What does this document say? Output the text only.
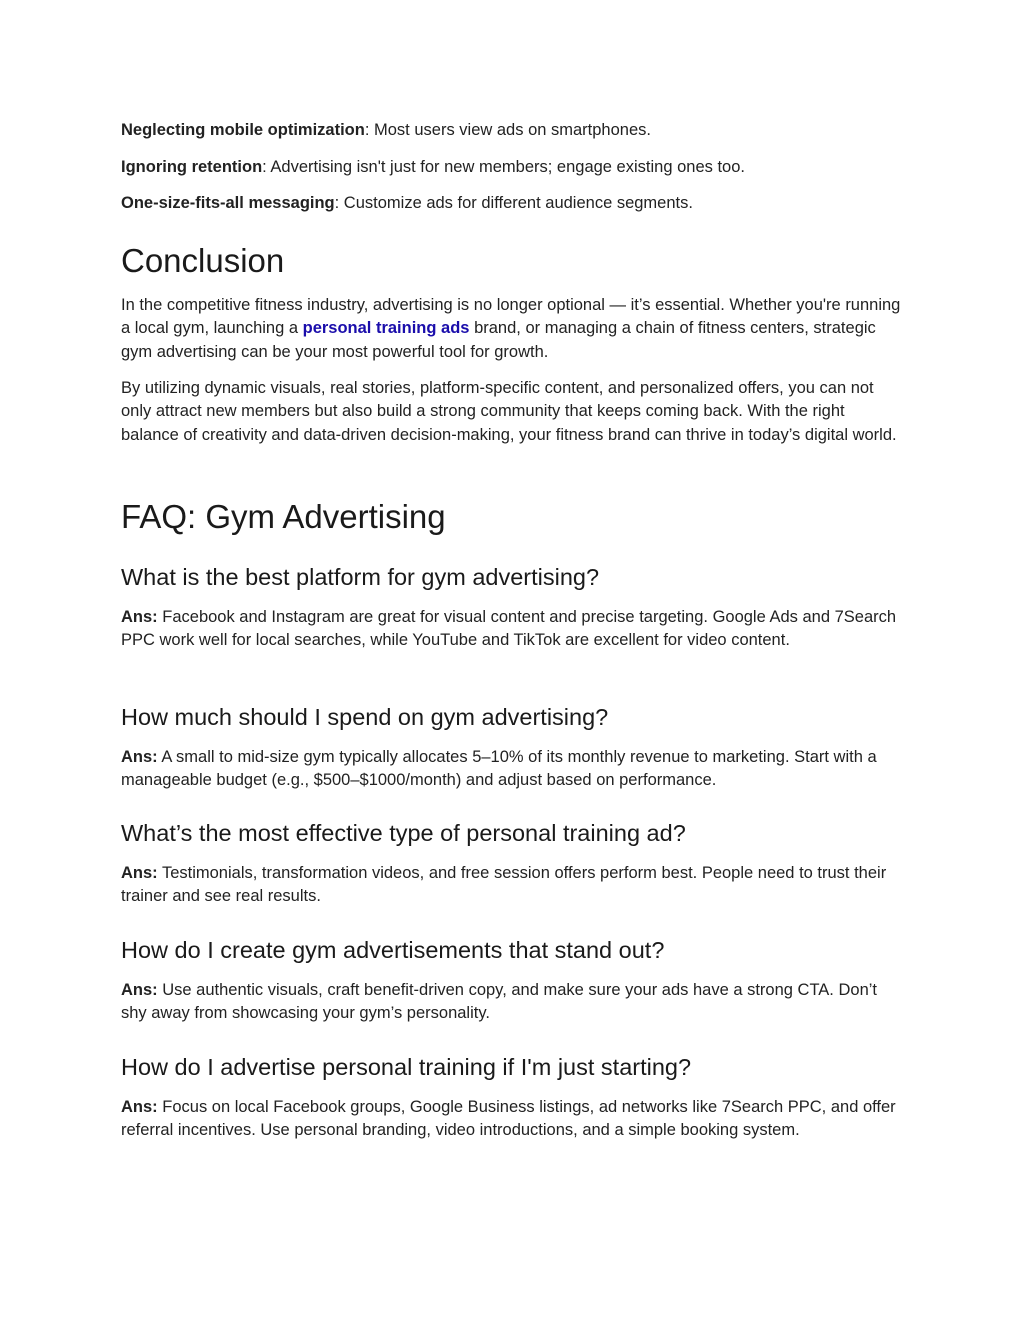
Neglecting mobile optimization: Most users view ads on smartphones.

Ignoring retention: Advertising isn't just for new members; engage existing ones too.

One-size-fits-all messaging: Customize ads for different audience segments.

Conclusion

In the competitive fitness industry, advertising is no longer optional — it’s essential. Whether you're running a local gym, launching a personal training ads brand, or managing a chain of fitness centers, strategic gym advertising can be your most powerful tool for growth.

By utilizing dynamic visuals, real stories, platform-specific content, and personalized offers, you can not only attract new members but also build a strong community that keeps coming back. With the right balance of creativity and data-driven decision-making, your fitness brand can thrive in today’s digital world.

FAQ: Gym Advertising
What is the best platform for gym advertising?

Ans: Facebook and Instagram are great for visual content and precise targeting. Google Ads and 7Search PPC work well for local searches, while YouTube and TikTok are excellent for video content.

How much should I spend on gym advertising?

Ans: A small to mid-size gym typically allocates 5–10% of its monthly revenue to marketing. Start with a manageable budget (e.g., $500–$1000/month) and adjust based on performance.

What’s the most effective type of personal training ad?

Ans: Testimonials, transformation videos, and free session offers perform best. People need to trust their trainer and see real results.

How do I create gym advertisements that stand out?

Ans: Use authentic visuals, craft benefit-driven copy, and make sure your ads have a strong CTA. Don’t shy away from showcasing your gym’s personality.

How do I advertise personal training if I'm just starting?

Ans: Focus on local Facebook groups, Google Business listings, ad networks like 7Search PPC, and offer referral incentives. Use personal branding, video introductions, and a simple booking system.
